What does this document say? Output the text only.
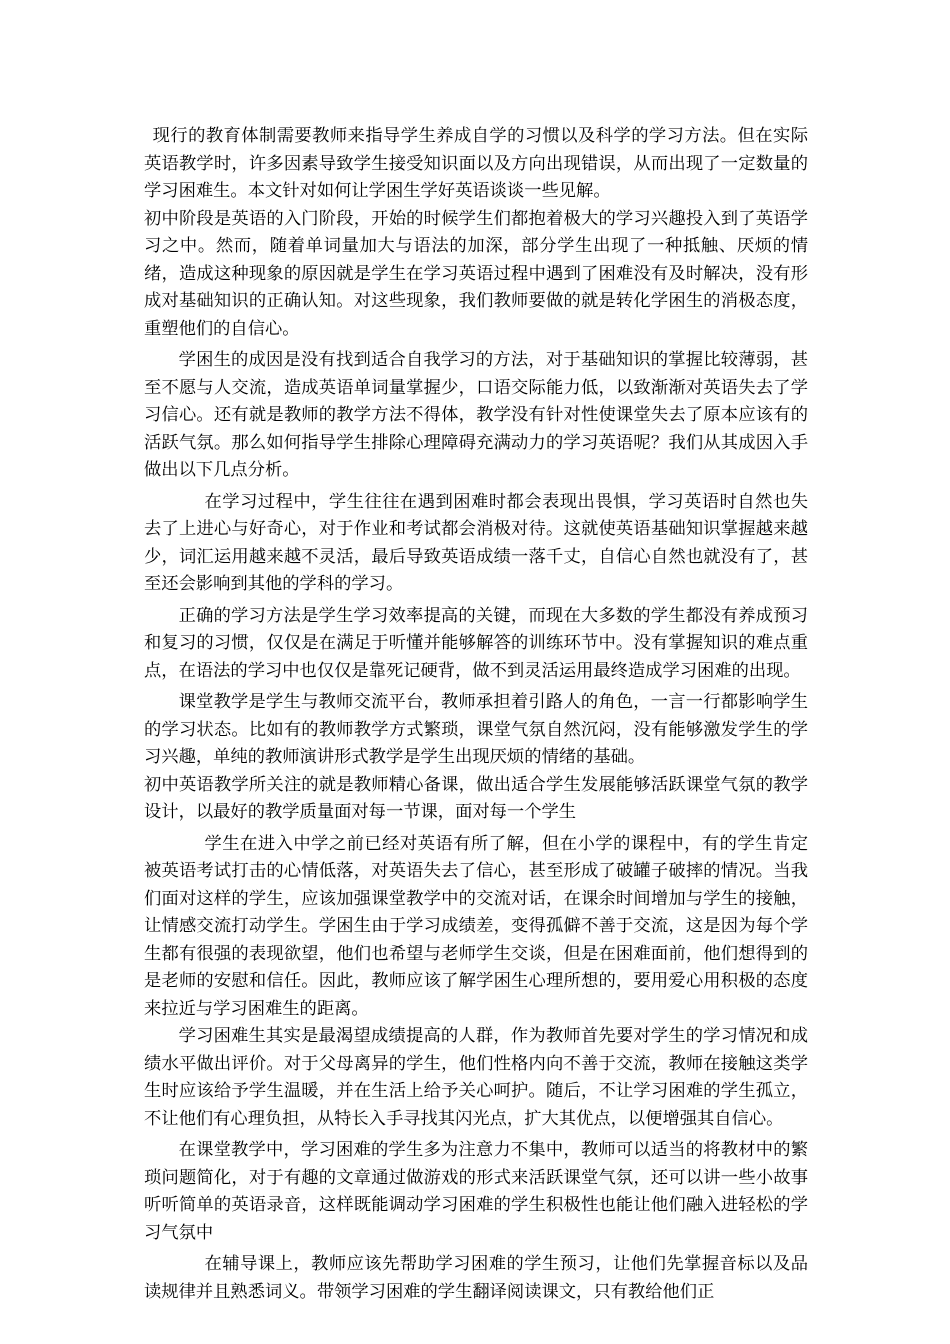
现行的教育体制需要教师来指导学生养成自学的习惯以及科学的学习方法。但在实际英语教学时，许多因素导致学生接受知识面以及方向出现错误，从而出现了一定数量的学习困难生。本文针对如何让学困生学好英语谈谈一些见解。

初中阶段是英语的入门阶段，开始的时候学生们都抱着极大的学习兴趣投入到了英语学习之中。然而，随着单词量加大与语法的加深，部分学生出现了一种抵触、厌烦的情绪，造成这种现象的原因就是学生在学习英语过程中遇到了困难没有及时解决，没有形成对基础知识的正确认知。对这些现象，我们教师要做的就是转化学困生的消极态度，重塑他们的自信心。

学困生的成因是没有找到适合自我学习的方法，对于基础知识的掌握比较薄弱，甚至不愿与人交流，造成英语单词量掌握少，口语交际能力低，以致渐渐对英语失去了学习信心。还有就是教师的教学方法不得体，教学没有针对性使课堂失去了原本应该有的活跃气氛。那么如何指导学生排除心理障碍充满动力的学习英语呢？我们从其成因入手做出以下几点分析。

在学习过程中，学生往往在遇到困难时都会表现出畏惧，学习英语时自然也失去了上进心与好奇心，对于作业和考试都会消极对待。这就使英语基础知识掌握越来越少，词汇运用越来越不灵活，最后导致英语成绩一落千丈，自信心自然也就没有了，甚至还会影响到其他的学科的学习。

正确的学习方法是学生学习效率提高的关键，而现在大多数的学生都没有养成预习和复习的习惯，仅仅是在满足于听懂并能够解答的训练环节中。没有掌握知识的难点重点，在语法的学习中也仅仅是靠死记硬背，做不到灵活运用最终造成学习困难的出现。

课堂教学是学生与教师交流平台，教师承担着引路人的角色，一言一行都影响学生的学习状态。比如有的教师教学方式繁琐，课堂气氛自然沉闷，没有能够激发学生的学习兴趣，单纯的教师演讲形式教学是学生出现厌烦的情绪的基础。

初中英语教学所关注的就是教师精心备课，做出适合学生发展能够活跃课堂气氛的教学设计，以最好的教学质量面对每一节课，面对每一个学生

学生在进入中学之前已经对英语有所了解，但在小学的课程中，有的学生肯定被英语考试打击的心情低落，对英语失去了信心，甚至形成了破罐子破摔的情况。当我们面对这样的学生，应该加强课堂教学中的交流对话，在课余时间增加与学生的接触，让情感交流打动学生。学困生由于学习成绩差，变得孤僻不善于交流，这是因为每个学生都有很强的表现欲望，他们也希望与老师学生交谈，但是在困难面前，他们想得到的是老师的安慰和信任。因此，教师应该了解学困生心理所想的，要用爱心用积极的态度来拉近与学习困难生的距离。

学习困难生其实是最渴望成绩提高的人群，作为教师首先要对学生的学习情况和成绩水平做出评价。对于父母离异的学生，他们性格内向不善于交流，教师在接触这类学生时应该给予学生温暖，并在生活上给予关心呵护。随后，不让学习困难的学生孤立，不让他们有心理负担，从特长入手寻找其闪光点，扩大其优点，以便增强其自信心。

在课堂教学中，学习困难的学生多为注意力不集中，教师可以适当的将教材中的繁琐问题简化，对于有趣的文章通过做游戏的形式来活跃课堂气氛，还可以讲一些小故事听听简单的英语录音，这样既能调动学习困难的学生积极性也能让他们融入进轻松的学习气氛中

在辅导课上，教师应该先帮助学习困难的学生预习，让他们先掌握音标以及品读规律并且熟悉词义。带领学习困难的学生翻译阅读课文，只有教给他们正
